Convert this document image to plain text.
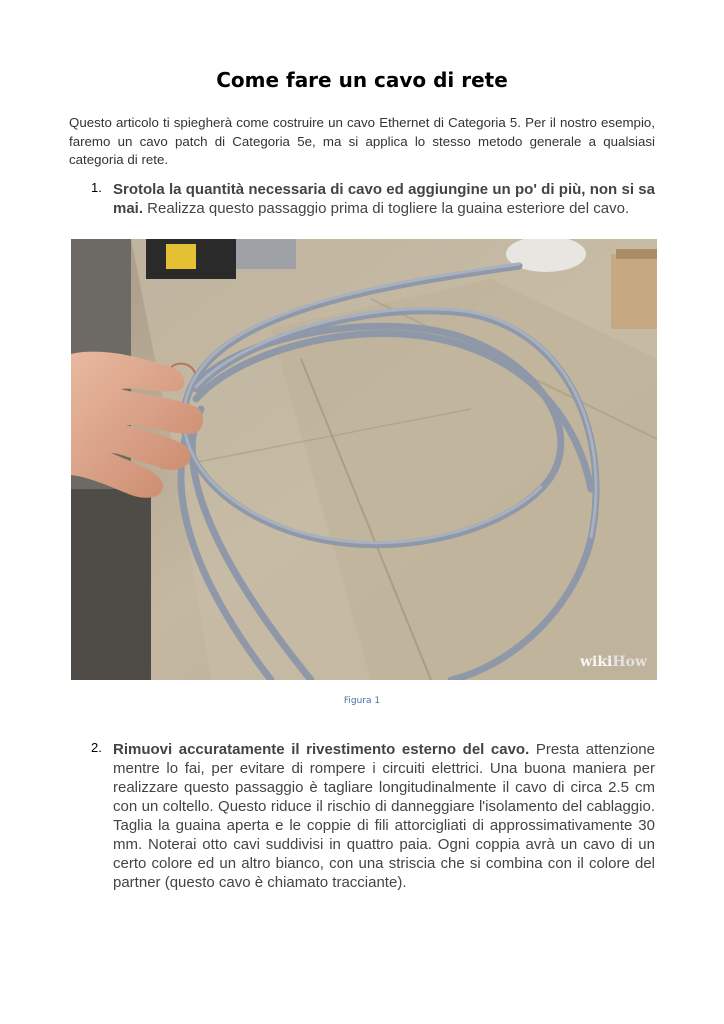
Come fare un cavo di rete
Questo articolo ti spiegherà come costruire un cavo Ethernet di Categoria 5. Per il nostro esempio, faremo un cavo patch di Categoria 5e, ma si applica lo stesso metodo generale a qualsiasi categoria di rete.
1. Srotola la quantità necessaria di cavo ed aggiungine un po' di più, non si sa mai. Realizza questo passaggio prima di togliere la guaina esteriore del cavo.
wikiHow
Figura 1
2. Rimuovi accuratamente il rivestimento esterno del cavo. Presta attenzione mentre lo fai, per evitare di rompere i circuiti elettrici. Una buona maniera per realizzare questo passaggio è tagliare longitudinalmente il cavo di circa 2.5 cm con un coltello. Questo riduce il rischio di danneggiare l'isolamento del cablaggio. Taglia la guaina aperta e le coppie di fili attorcigliati di approssimativamente 30 mm. Noterai otto cavi suddivisi in quattro paia. Ogni coppia avrà un cavo di un certo colore ed un altro bianco, con una striscia che si combina con il colore del partner (questo cavo è chiamato tracciante).
